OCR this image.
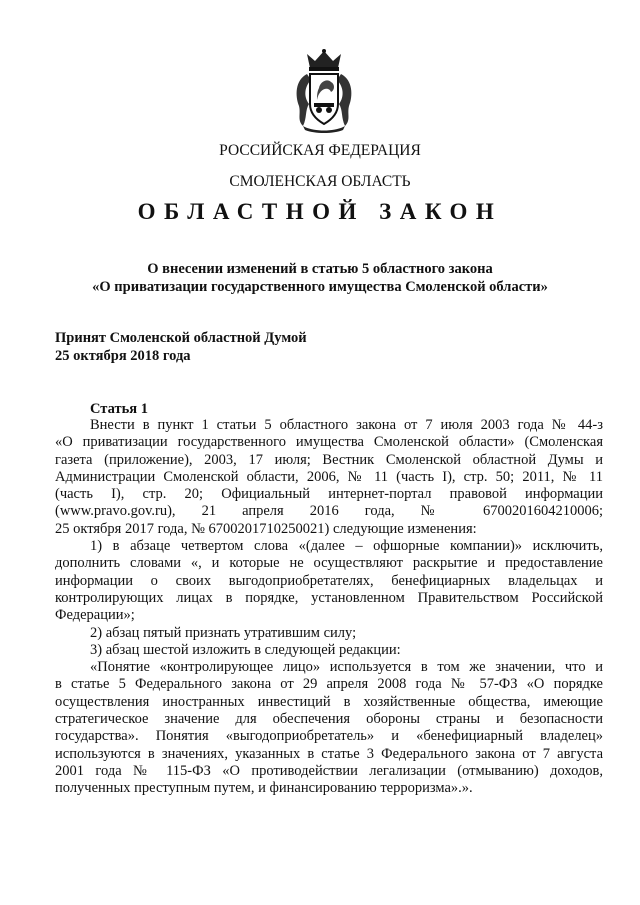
РОССИЙСКАЯ ФЕДЕРАЦИЯ
СМОЛЕНСКАЯ ОБЛАСТЬ
ОБЛАСТНОЙ ЗАКОН
О внесении изменений в статью 5 областного закона
«О приватизации государственного имущества Смоленской области»
Принят Смоленской областной Думой
25 октября 2018 года
Статья 1
Внести в пункт 1 статьи 5 областного закона от 7 июля 2003 года № 44-з
«О приватизации государственного имущества Смоленской области» (Смоленская
газета (приложение), 2003, 17 июля; Вестник Смоленской областной Думы и
Администрации Смоленской области, 2006, № 11 (часть I), стр. 50; 2011, № 11
(часть I), стр. 20; Официальный интернет-портал правовой информации
(www.pravo.gov.ru), 21 апреля 2016 года, № 6700201604210006;
25 октября 2017 года, № 6700201710250021) следующие изменения:
1) в абзаце четвертом слова «(далее – офшорные компании)» исключить,
дополнить словами «, и которые не осуществляют раскрытие и предоставление
информации о своих выгодоприобретателях, бенефициарных владельцах и
контролирующих лицах в порядке, установленном Правительством Российской
Федерации»;
2) абзац пятый признать утратившим силу;
3) абзац шестой изложить в следующей редакции:
«Понятие «контролирующее лицо» используется в том же значении, что и
в статье 5 Федерального закона от 29 апреля 2008 года № 57-ФЗ «О порядке
осуществления иностранных инвестиций в хозяйственные общества, имеющие
стратегическое значение для обеспечения обороны страны и безопасности
государства». Понятия «выгодоприобретатель» и «бенефициарный владелец»
используются в значениях, указанных в статье 3 Федерального закона от 7 августа
2001 года № 115-ФЗ «О противодействии легализации (отмыванию) доходов,
полученных преступным путем, и финансированию терроризма».».
